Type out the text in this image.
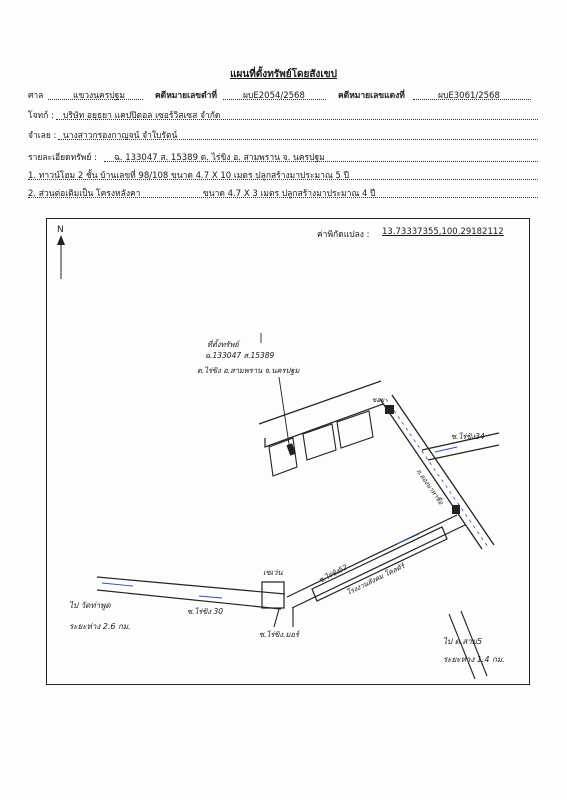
แผนที่ตั้งทรัพย์โดยสังเขป
ศาล	แขวงนครปฐม	คดีหมายเลขดำที่	ผบE2054/2568	คดีหมายเลขแดงที่	ผบE3061/2568
โจทก์ : บริษัท อยุธยา แคปปิตอล เซอร์วิสเซส จำกัด
จำเลย : นางสาวกรองกาญจน์ จำใบรัตน์
รายละเอียดทรัพย์ : ฉ. 133047 ส. 15389 ต. ไร่ขิง อ. สามพราน จ. นครปฐม
1. ทาวน์โฮม 2 ชั้น บ้านเลขที่ 98/108 ขนาด 4.7 X 10 เมตร ปลูกสร้างมาประมาณ 5 ปี
2. ส่วนต่อเติมเป็น โครงหลังคา	ขนาด 4.7 X 3 เมตร ปลูกสร้างมาประมาณ 4 ปี
N	ค่าพิกัดแปลง : 13.73337355,100.29182112
ที่ตั้งทรัพย์
ฉ.133047 ส.15389
ต.ไร่ขิง อ.สามพราน จ.นครปฐม
ซอย
ซ.ไร่ขิง34
ถ.ลองนาหาซื่อ
ซ.ไร่ขิง52
โรงงานสังคม โคลตัร์
เซเว่น
ซ.ไร่ขิง 30
ซ.ไร่ขิง.มอร์
ไป วัดท่าพูด
ระยะห่าง 2.6 กม.
ไป ต.สาม5
ระยะห่าง 1.4 กม.
